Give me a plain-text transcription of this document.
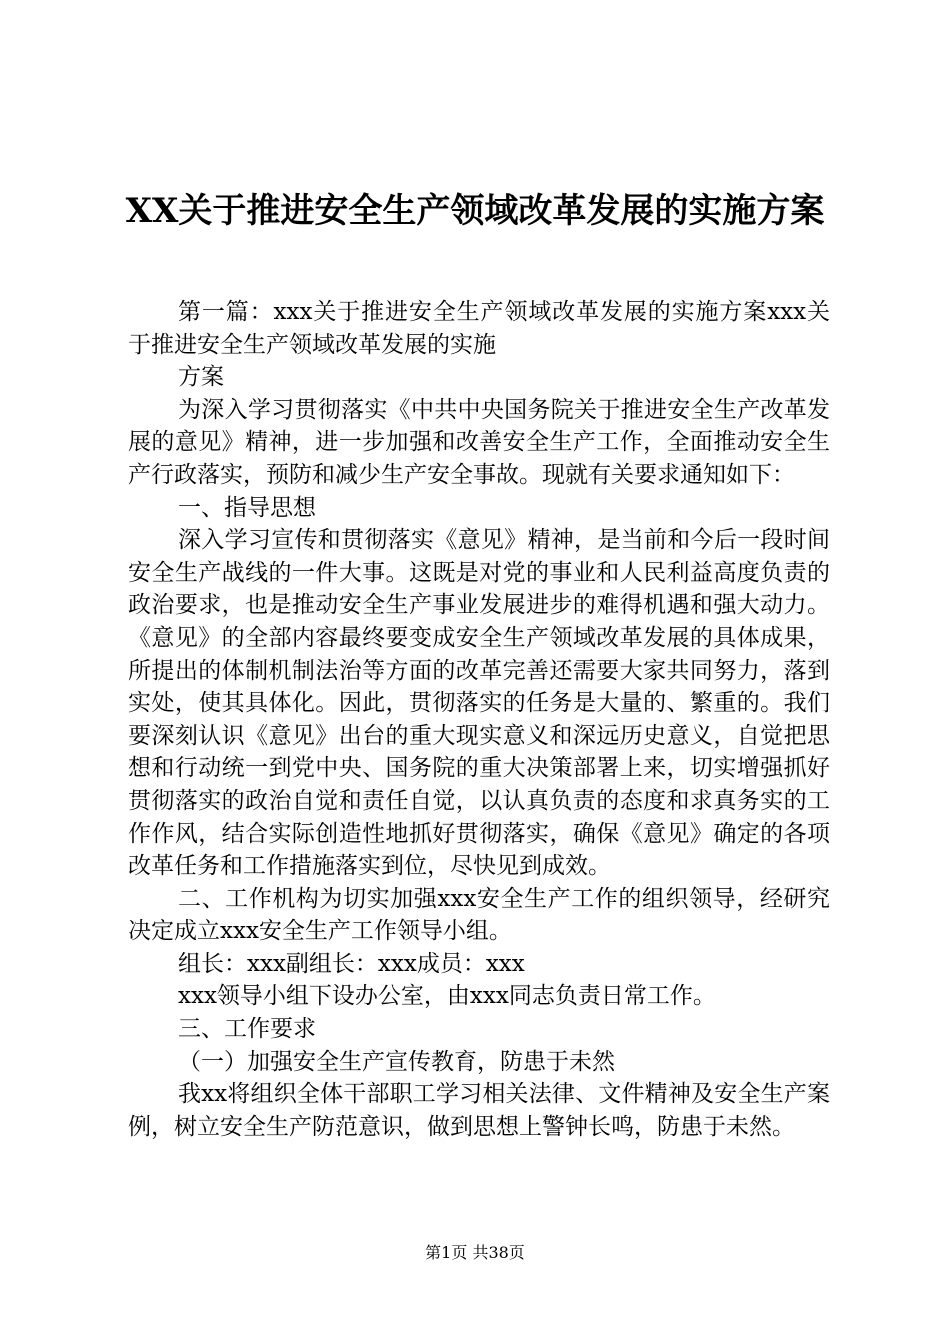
XX关于推进安全生产领域改革发展的实施方案

第一篇：xxx关于推进安全生产领域改革发展的实施方案xxx关于推进安全生产领域改革发展的实施

方案

为深入学习贯彻落实《中共中央国务院关于推进安全生产改革发展的意见》精神，进一步加强和改善安全生产工作，全面推动安全生产行政落实，预防和减少生产安全事故。现就有关要求通知如下：

一、指导思想

深入学习宣传和贯彻落实《意见》精神，是当前和今后一段时间安全生产战线的一件大事。这既是对党的事业和人民利益高度负责的政治要求，也是推动安全生产事业发展进步的难得机遇和强大动力。《意见》的全部内容最终要变成安全生产领域改革发展的具体成果，所提出的体制机制法治等方面的改革完善还需要大家共同努力，落到实处，使其具体化。因此，贯彻落实的任务是大量的、繁重的。我们要深刻认识《意见》出台的重大现实意义和深远历史意义，自觉把思想和行动统一到党中央、国务院的重大决策部署上来，切实增强抓好贯彻落实的政治自觉和责任自觉，以认真负责的态度和求真务实的工作作风，结合实际创造性地抓好贯彻落实，确保《意见》确定的各项改革任务和工作措施落实到位，尽快见到成效。

二、工作机构为切实加强xxx安全生产工作的组织领导，经研究决定成立xxx安全生产工作领导小组。

组长：xxx副组长：xxx成员：xxx

xxx领导小组下设办公室，由xxx同志负责日常工作。

三、工作要求

（一）加强安全生产宣传教育，防患于未然

我xx将组织全体干部职工学习相关法律、文件精神及安全生产案例，树立安全生产防范意识，做到思想上警钟长鸣，防患于未然。

第1页 共38页
